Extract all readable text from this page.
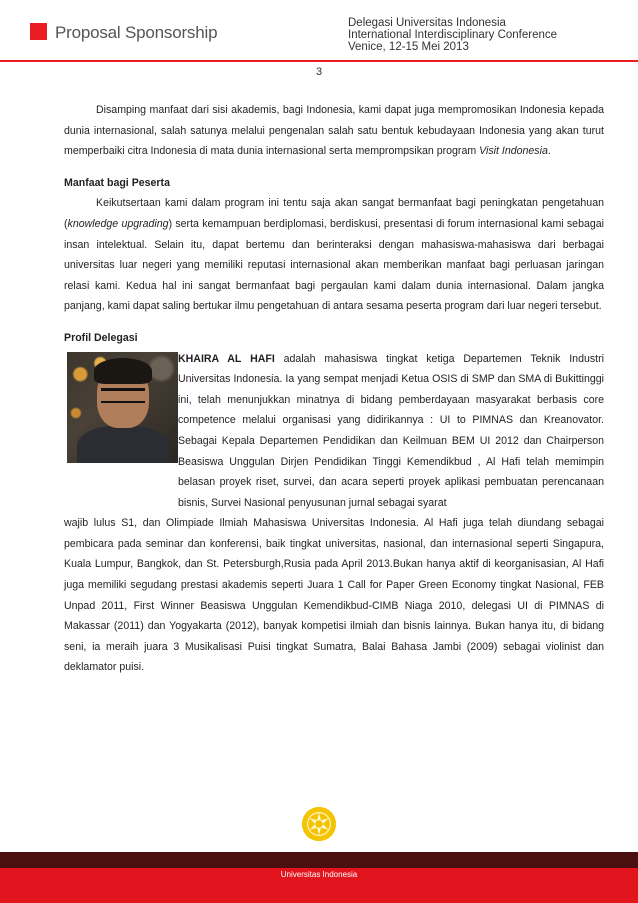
Proposal Sponsorship	Delegasi Universitas Indonesia
International Interdisciplinary Conference
Venice, 12-15 Mei 2013
3

Disamping manfaat dari sisi akademis, bagi Indonesia, kami dapat juga mempromosikan Indonesia kepada dunia internasional, salah satunya melalui pengenalan salah satu bentuk kebudayaan Indonesia yang akan turut memperbaiki citra Indonesia di mata dunia internasional serta memprompsikan program Visit Indonesia.

Manfaat bagi Peserta

Keikutsertaan kami dalam program ini tentu saja akan sangat bermanfaat bagi peningkatan pengetahuan (knowledge upgrading) serta kemampuan berdiplomasi, berdiskusi, presentasi di forum internasional kami sebagai insan intelektual. Selain itu, dapat bertemu dan berinteraksi dengan mahasiswa-mahasiswa dari berbagai universitas luar negeri yang memiliki reputasi internasional akan memberikan manfaat bagi perluasan jaringan relasi kami. Kedua hal ini sangat bermanfaat bagi pergaulan kami dalam dunia internasional. Dalam jangka panjang, kami dapat saling bertukar ilmu pengetahuan di antara sesama peserta program dari luar negeri tersebut.

Profil Delegasi

KHAIRA AL HAFI adalah mahasiswa tingkat ketiga Departemen Teknik Industri Universitas Indonesia. Ia yang sempat menjadi Ketua OSIS di SMP dan SMA di Bukittinggi ini, telah menunjukkan minatnya di bidang pemberdayaan masyarakat berbasis core competence melalui organisasi yang didirikannya : UI to PIMNAS dan Kreanovator. Sebagai Kepala Departemen Pendidikan dan Keilmuan BEM UI 2012 dan Chairperson Beasiswa Unggulan Dirjen Pendidikan Tinggi Kemendikbud , Al Hafi telah memimpin belasan proyek riset, survei, dan acara seperti proyek aplikasi pembuatan perencanaan bisnis, Survei Nasional penyusunan jurnal sebagai syarat

wajib lulus S1, dan Olimpiade Ilmiah Mahasiswa Universitas Indonesia. Al Hafi juga telah diundang sebagai pembicara pada seminar dan konferensi, baik tingkat universitas, nasional, dan internasional seperti Singapura, Kuala Lumpur, Bangkok, dan St. Petersburgh,Rusia pada April 2013.Bukan hanya aktif di keorganisasian, Al Hafi juga memiliki segudang prestasi akademis seperti Juara 1 Call for Paper Green Economy tingkat Nasional, FEB Unpad 2011, First Winner Beasiswa Unggulan Kemendikbud-CIMB Niaga 2010, delegasi UI di PIMNAS di Makassar (2011) dan Yogyakarta (2012), banyak kompetisi ilmiah dan bisnis lainnya. Bukan hanya itu, di bidang seni, ia meraih juara 3 Musikalisasi Puisi tingkat Sumatra, Balai Bahasa Jambi (2009) sebagai violinist dan deklamator puisi.

Universitas Indonesia
